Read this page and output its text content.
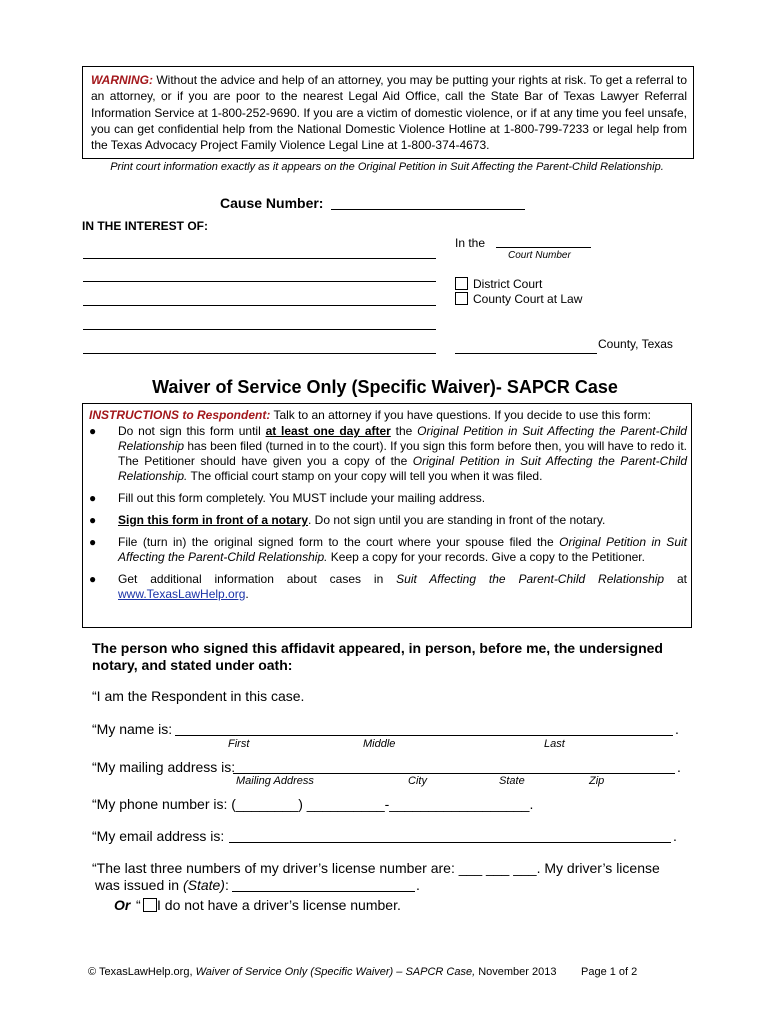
WARNING: Without the advice and help of an attorney, you may be putting your rights at risk. To get a referral to an attorney, or if you are poor to the nearest Legal Aid Office, call the State Bar of Texas Lawyer Referral Information Service at 1-800-252-9690. If you are a victim of domestic violence, or if at any time you feel unsafe, you can get confidential help from the National Domestic Violence Hotline at 1-800-799-7233 or legal help from the Texas Advocacy Project Family Violence Legal Line at 1-800-374-4673.
Print court information exactly as it appears on the Original Petition in Suit Affecting the Parent-Child Relationship.
Cause Number:
IN THE INTEREST OF:
In the
Court Number
District Court
County Court at Law
County, Texas
Waiver of Service Only (Specific Waiver)- SAPCR Case

INSTRUCTIONS to Respondent: Talk to an attorney if you have questions. If you decide to use this form:

● Do not sign this form until at least one day after the Original Petition in Suit Affecting the Parent-Child Relationship has been filed (turned in to the court). If you sign this form before then, you will have to redo it. The Petitioner should have given you a copy of the Original Petition in Suit Affecting the Parent-Child Relationship. The official court stamp on your copy will tell you when it was filed.

● Fill out this form completely. You MUST include your mailing address.

● Sign this form in front of a notary. Do not sign until you are standing in front of the notary.

● File (turn in) the original signed form to the court where your spouse filed the Original Petition in Suit Affecting the Parent-Child Relationship. Keep a copy for your records. Give a copy to the Petitioner.

● Get additional information about cases in Suit Affecting the Parent-Child Relationship at www.TexasLawHelp.org.

The person who signed this affidavit appeared, in person, before me, the undersigned notary, and stated under oath:
“I am the Respondent in this case.
“My name is:	.
First	Middle	Last
“My mailing address is:	.
Mailing Address	City	State	Zip
“My phone number is: (________) __________-__________________.
“My email address is:	.
“The last three numbers of my driver’s license number are: ___ ___ ___. My driver’s license
was issued in (State):	.
Or “ I do not have a driver’s license number.
© TexasLawHelp.org, Waiver of Service Only (Specific Waiver) – SAPCR Case, November 2013 Page 1 of 2
